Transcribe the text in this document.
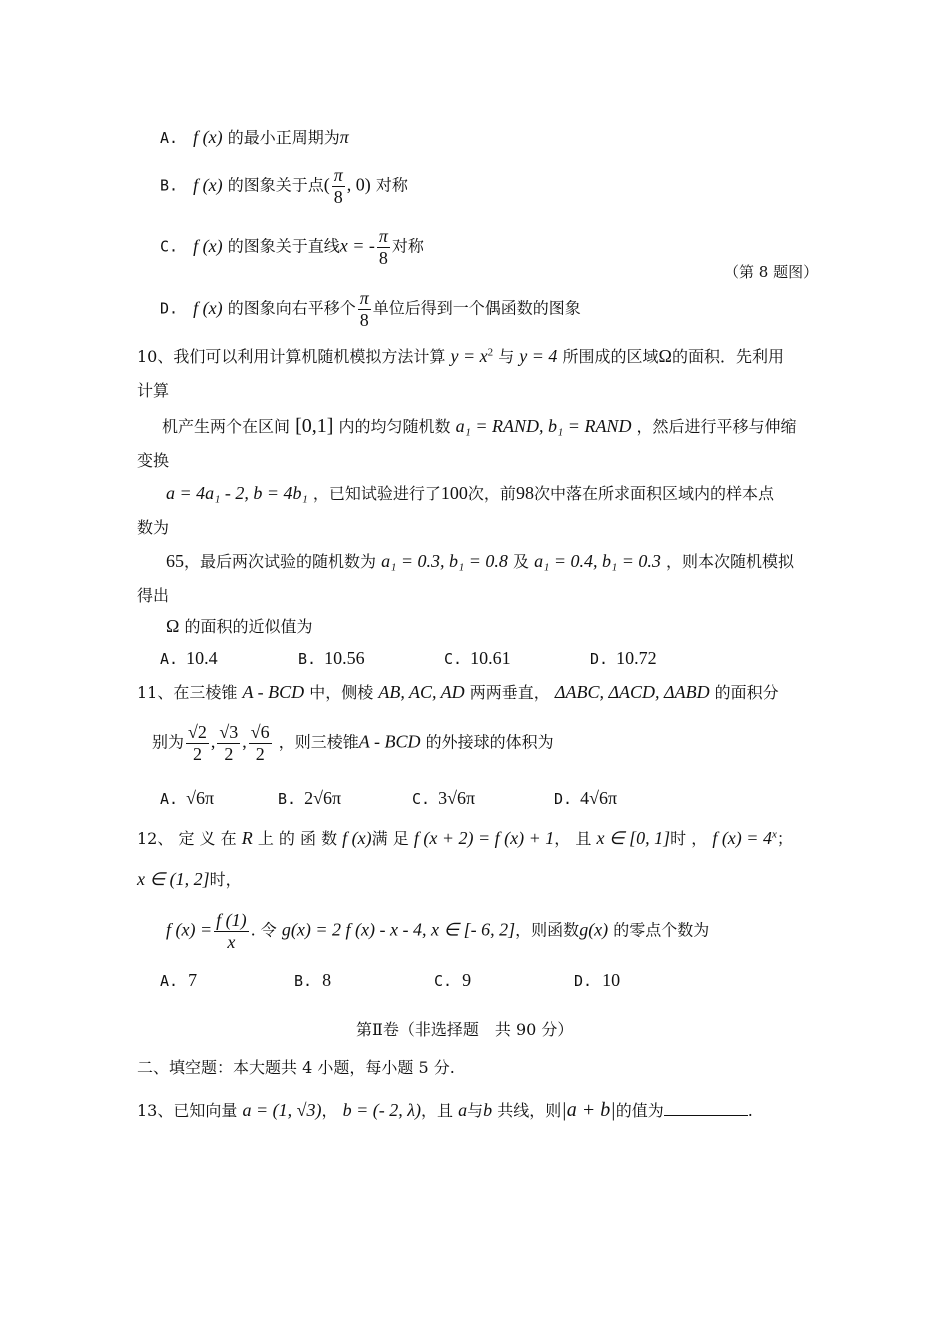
A. f (x) 的最小正周期为π
B. f (x) 的图象关于点( $\frac{\pi}{8}$ , 0) 对称
C. f (x) 的图象关于直线x = - $\frac{\pi}{8}$ 对称
（第 8 题图）
D. f (x) 的图象向右平移个 $\frac{\pi}{8}$ 单位后得到一个偶函数的图象
10、我们可以利用计算机随机模拟方法计算 $y = x^2$ 与 y = 4 所围成的区域Ω的面积．先利用
计算
机产生两个在区间 [0,1] 内的均匀随机数 a₁ = RAND, b₁ = RAND ，然后进行平移与伸缩
变换
a = 4a₁ - 2, b = 4b₁ ，已知试验进行了100次，前98次中落在所求面积区域内的样本点
数为
65，最后两次试验的随机数为 a₁ = 0.3, b₁ = 0.8 及 a₁ = 0.4, b₁ = 0.3 ，则本次随机模拟
得出
Ω 的面积的近似值为
A. 10.4	B. 10.56	C. 10.61	D. 10.72
11、在三棱锥 A - BCD 中，侧棱 AB, AC, AD 两两垂直， ΔABC, ΔACD, ΔABD 的面积分
别为 $\frac{√2}{2}$ , $\frac{√3}{2}$ , $\frac{√6}{2}$ ，则三棱锥A - BCD 的外接球的体积为
A. √6π	B. 2√6π	C. 3√6π	D. 4√6π
12、 定 义 在 R 上 的 函 数 f (x)满 足 f (x + 2) = f (x) + 1， 且 x ∈ [0, 1]时 ， f $(x) = 4^x$；
x ∈ (1, 2]时，
f $(x) = \frac{f (1)}{x}$ . 令 g(x) = 2 f (x) - x - 4, x ∈ [- 6, 2]，则函数g(x) 的零点个数为
A. 7	B. 8	C. 9	D. 10
第Ⅱ卷（非选择题　共 90 分）
二、填空题：本大题共 4 小题，每小题 5 分.
13、已知向量 a = (1, √3)， b = (- 2, λ)，且 a与b 共线，则|a + b|的值为	.
